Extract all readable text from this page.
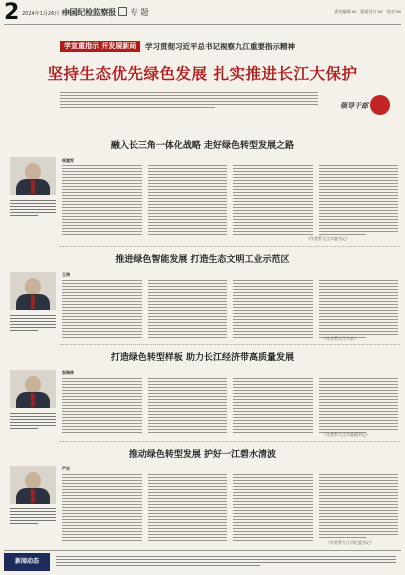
2 2024年1月26日 星期五
中国纪检监察报	专 题	责任编辑:xx 版面设计:xx 校对:xx
学宣重指示 开发展新局	学习贯彻习近平总书记视察九江重要指示精神
坚持生态优先绿色发展 扎实推进长江大保护
领导干部
融入长三角一体化战略 走好绿色转型发展之路
徐建军
（作者系九江市委书记）
推进绿色智能发展 打造生态文明工业示范区
王涛
（作者系九江市长）
打造绿色转型样板 助力长江经济带高质量发展
祝瑞林
（作者系九江市委副书记）
推动绿色转型发展 护好一江碧水清波
严炎
（作者系九江市纪委书记）
新闻动态
